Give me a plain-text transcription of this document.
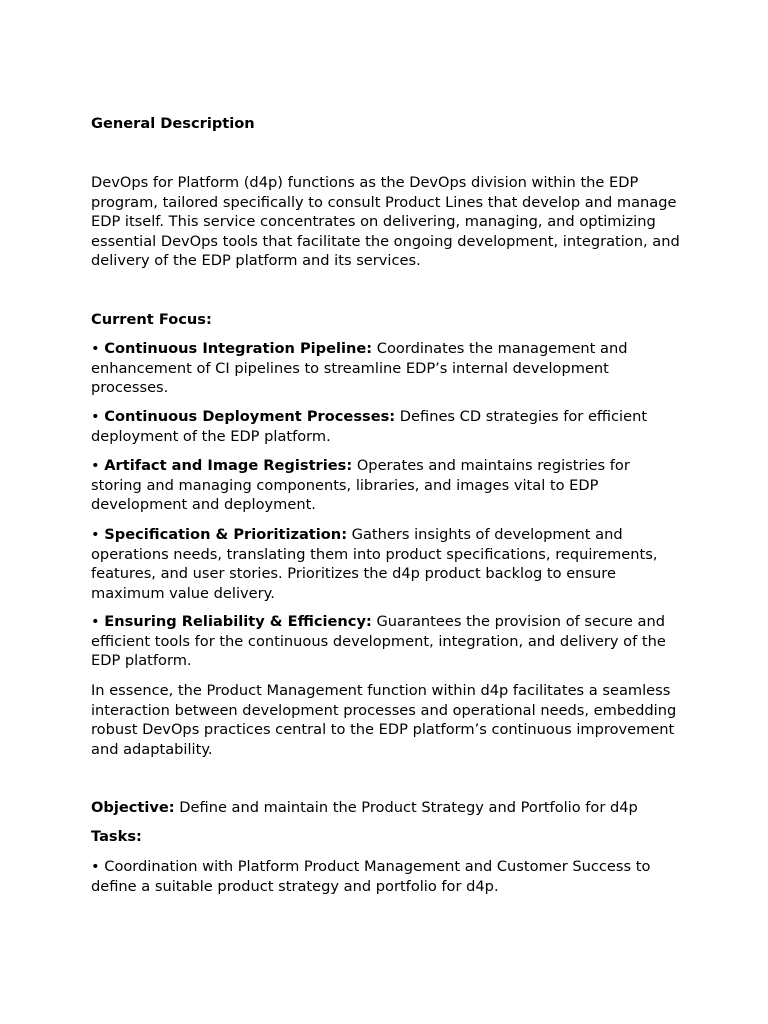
General Description

DevOps for Platform (d4p) functions as the DevOps division within the EDP program, tailored specifically to consult Product Lines that develop and manage EDP itself. This service concentrates on delivering, managing, and optimizing essential DevOps tools that facilitate the ongoing development, integration, and delivery of the EDP platform and its services.

Current Focus:

• Continuous Integration Pipeline: Coordinates the management and enhancement of CI pipelines to streamline EDP’s internal development processes.

• Continuous Deployment Processes: Defines CD strategies for efficient deployment of the EDP platform.

• Artifact and Image Registries: Operates and maintains registries for storing and managing components, libraries, and images vital to EDP development and deployment.

• Specification & Prioritization: Gathers insights of development and operations needs, translating them into product specifications, requirements, features, and user stories. Prioritizes the d4p product backlog to ensure maximum value delivery.

• Ensuring Reliability & Efficiency: Guarantees the provision of secure and efficient tools for the continuous development, integration, and delivery of the EDP platform.

In essence, the Product Management function within d4p facilitates a seamless interaction between development processes and operational needs, embedding robust DevOps practices central to the EDP platform’s continuous improvement and adaptability.

Objective: Define and maintain the Product Strategy and Portfolio for d4p

Tasks:

• Coordination with Platform Product Management and Customer Success to define a suitable product strategy and portfolio for d4p.
